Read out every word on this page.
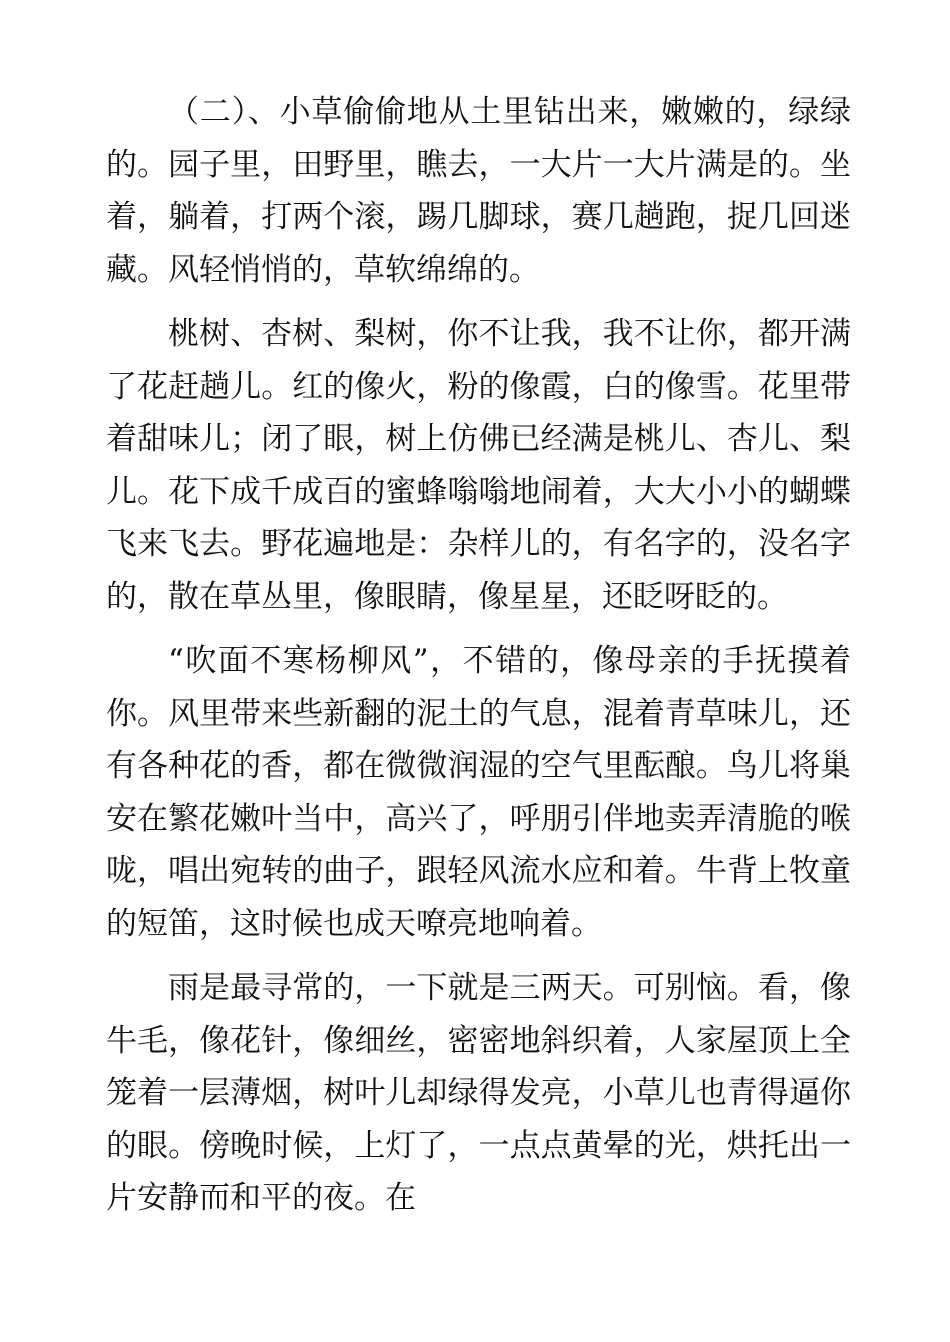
（二）、小草偷偷地从土里钻出来，嫩嫩的，绿绿的。园子里，田野里，瞧去，一大片一大片满是的。坐着，躺着，打两个滚，踢几脚球，赛几趟跑，捉几回迷藏。风轻悄悄的，草软绵绵的。

桃树、杏树、梨树，你不让我，我不让你，都开满了花赶趟儿。红的像火，粉的像霞，白的像雪。花里带着甜味儿；闭了眼，树上仿佛已经满是桃儿、杏儿、梨儿。花下成千成百的蜜蜂嗡嗡地闹着，大大小小的蝴蝶飞来飞去。野花遍地是：杂样儿的，有名字的，没名字的，散在草丛里，像眼睛，像星星，还眨呀眨的。

“吹面不寒杨柳风”，不错的，像母亲的手抚摸着你。风里带来些新翻的泥土的气息，混着青草味儿，还有各种花的香，都在微微润湿的空气里酝酿。鸟儿将巢安在繁花嫩叶当中，高兴了，呼朋引伴地卖弄清脆的喉咙，唱出宛转的曲子，跟轻风流水应和着。牛背上牧童的短笛，这时候也成天嘹亮地响着。

雨是最寻常的，一下就是三两天。可别恼。看，像牛毛，像花针，像细丝，密密地斜织着，人家屋顶上全笼着一层薄烟，树叶儿却绿得发亮，小草儿也青得逼你的眼。傍晚时候，上灯了，一点点黄晕的光，烘托出一片安静而和平的夜。在
